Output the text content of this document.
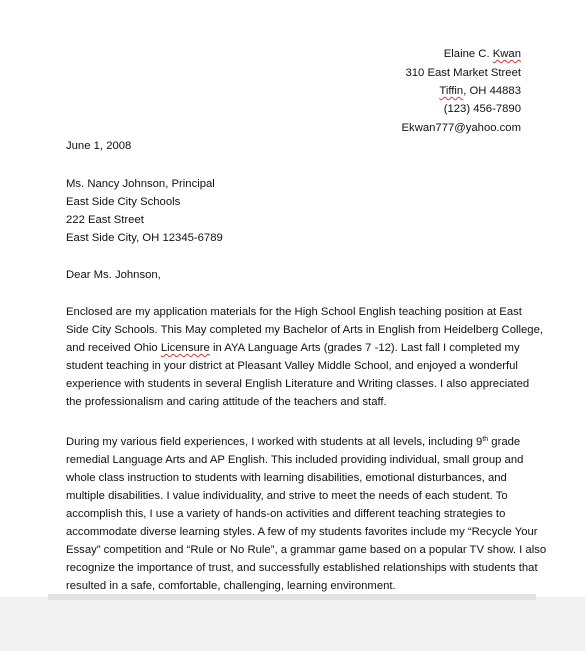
Elaine C. Kwan
310 East Market Street
Tiffin, OH 44883
(123) 456-7890
Ekwan777@yahoo.com
June 1, 2008
Ms. Nancy Johnson, Principal
East Side City Schools
222 East Street
East Side City, OH 12345-6789
Dear Ms. Johnson,

Enclosed are my application materials for the High School English teaching position at East

Side City Schools. This May completed my Bachelor of Arts in English from Heidelberg College,

and received Ohio Licensure in AYA Language Arts (grades 7 -12). Last fall I completed my

student teaching in your district at Pleasant Valley Middle School, and enjoyed a wonderful

experience with students in several English Literature and Writing classes. I also appreciated

the professionalism and caring attitude of the teachers and staff.

During my various field experiences, I worked with students at all levels, including 9th grade

remedial Language Arts and AP English. This included providing individual, small group and

whole class instruction to students with learning disabilities, emotional disturbances, and

multiple disabilities. I value individuality, and strive to meet the needs of each student. To

accomplish this, I use a variety of hands-on activities and different teaching strategies to

accommodate diverse learning styles. A few of my students favorites include my “Recycle Your

Essay” competition and “Rule or No Rule”, a grammar game based on a popular TV show. I also

recognize the importance of trust, and successfully established relationships with students that

resulted in a safe, comfortable, challenging, learning environment.
